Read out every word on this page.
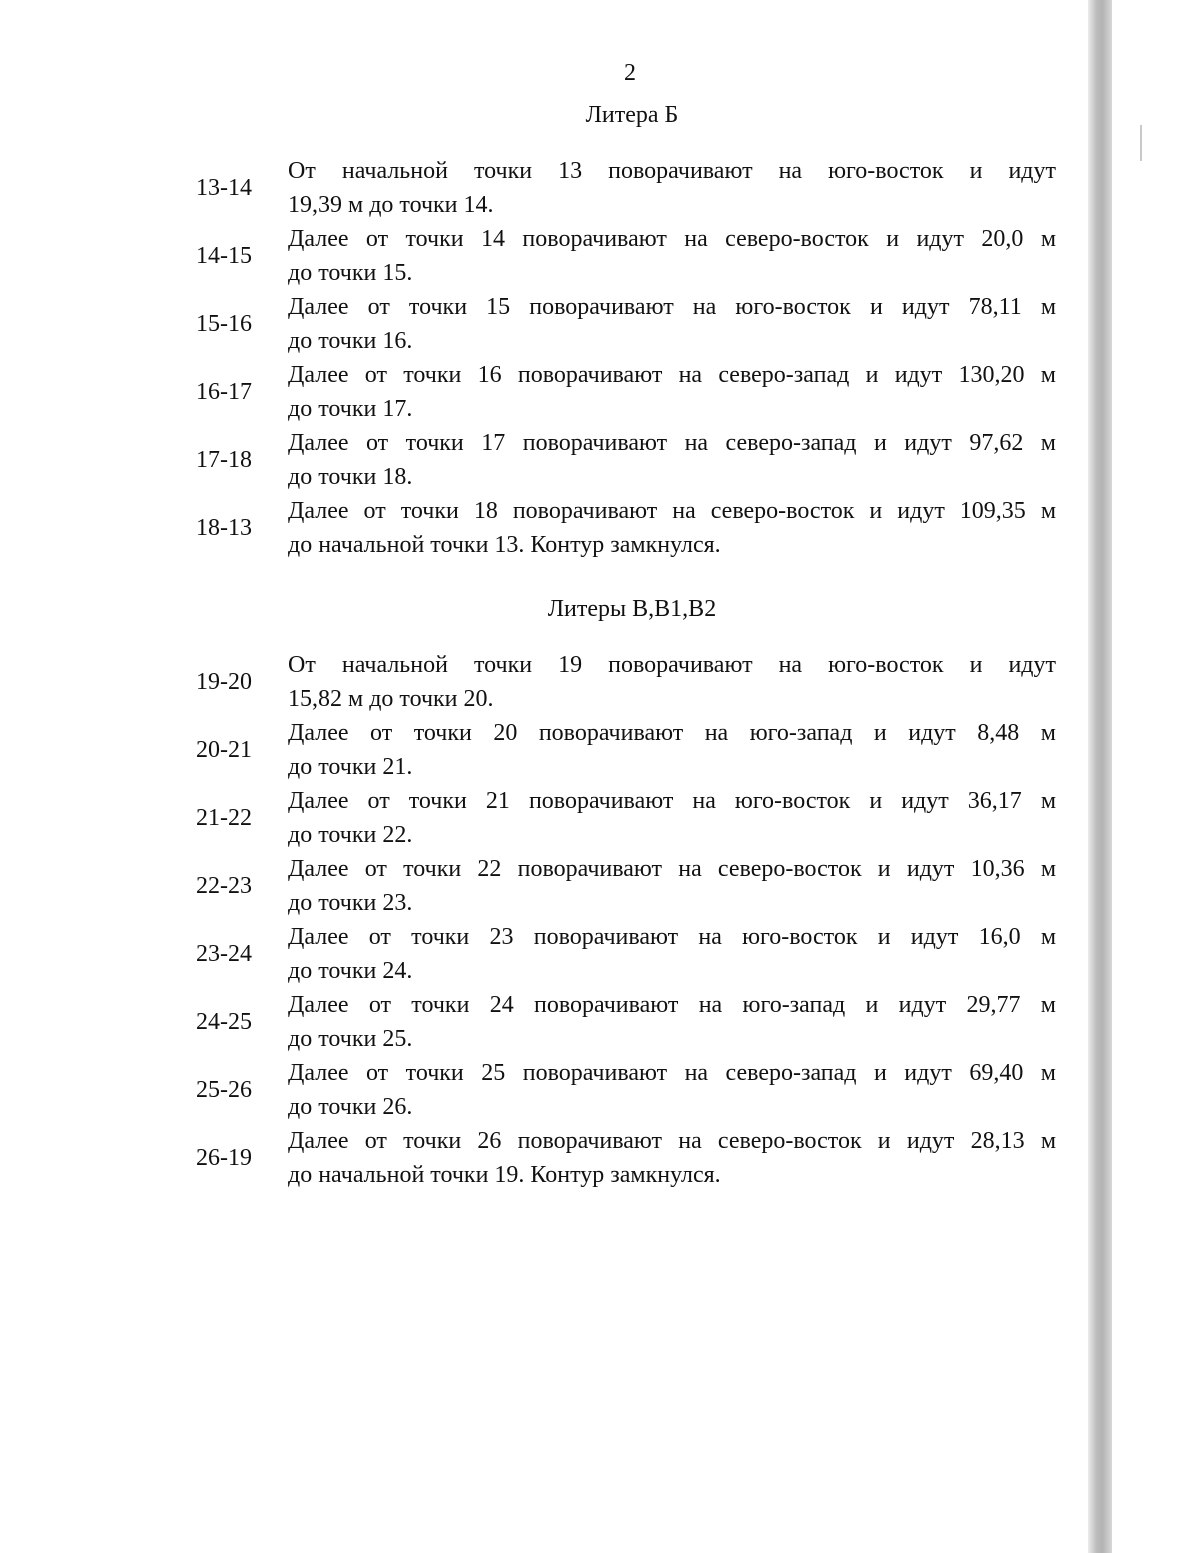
2
Литера Б
13-14
От начальной точки 13 поворачивают на юго-восток и идут
19,39 м до точки 14.
14-15
Далее от точки 14 поворачивают на северо-восток и идут 20,0 м
до точки 15.
15-16
Далее от точки 15 поворачивают на юго-восток и идут 78,11 м
до точки 16.
16-17
Далее от точки 16 поворачивают на северо-запад и идут 130,20 м
до точки 17.
17-18
Далее от точки 17 поворачивают на северо-запад и идут 97,62 м
до точки 18.
18-13
Далее от точки 18 поворачивают на северо-восток и идут 109,35 м
до начальной точки 13. Контур замкнулся.
Литеры В,В1,В2
19-20
От начальной точки 19 поворачивают на юго-восток и идут
15,82 м до точки 20.
20-21
Далее от точки 20 поворачивают на юго-запад и идут 8,48 м
до точки 21.
21-22
Далее от точки 21 поворачивают на юго-восток и идут 36,17 м
до точки 22.
22-23
Далее от точки 22 поворачивают на северо-восток и идут 10,36 м
до точки 23.
23-24
Далее от точки 23 поворачивают на юго-восток и идут 16,0 м
до точки 24.
24-25
Далее от точки 24 поворачивают на юго-запад и идут 29,77 м
до точки 25.
25-26
Далее от точки 25 поворачивают на северо-запад и идут 69,40 м
до точки 26.
26-19
Далее от точки 26 поворачивают на северо-восток и идут 28,13 м
до начальной точки 19. Контур замкнулся.
